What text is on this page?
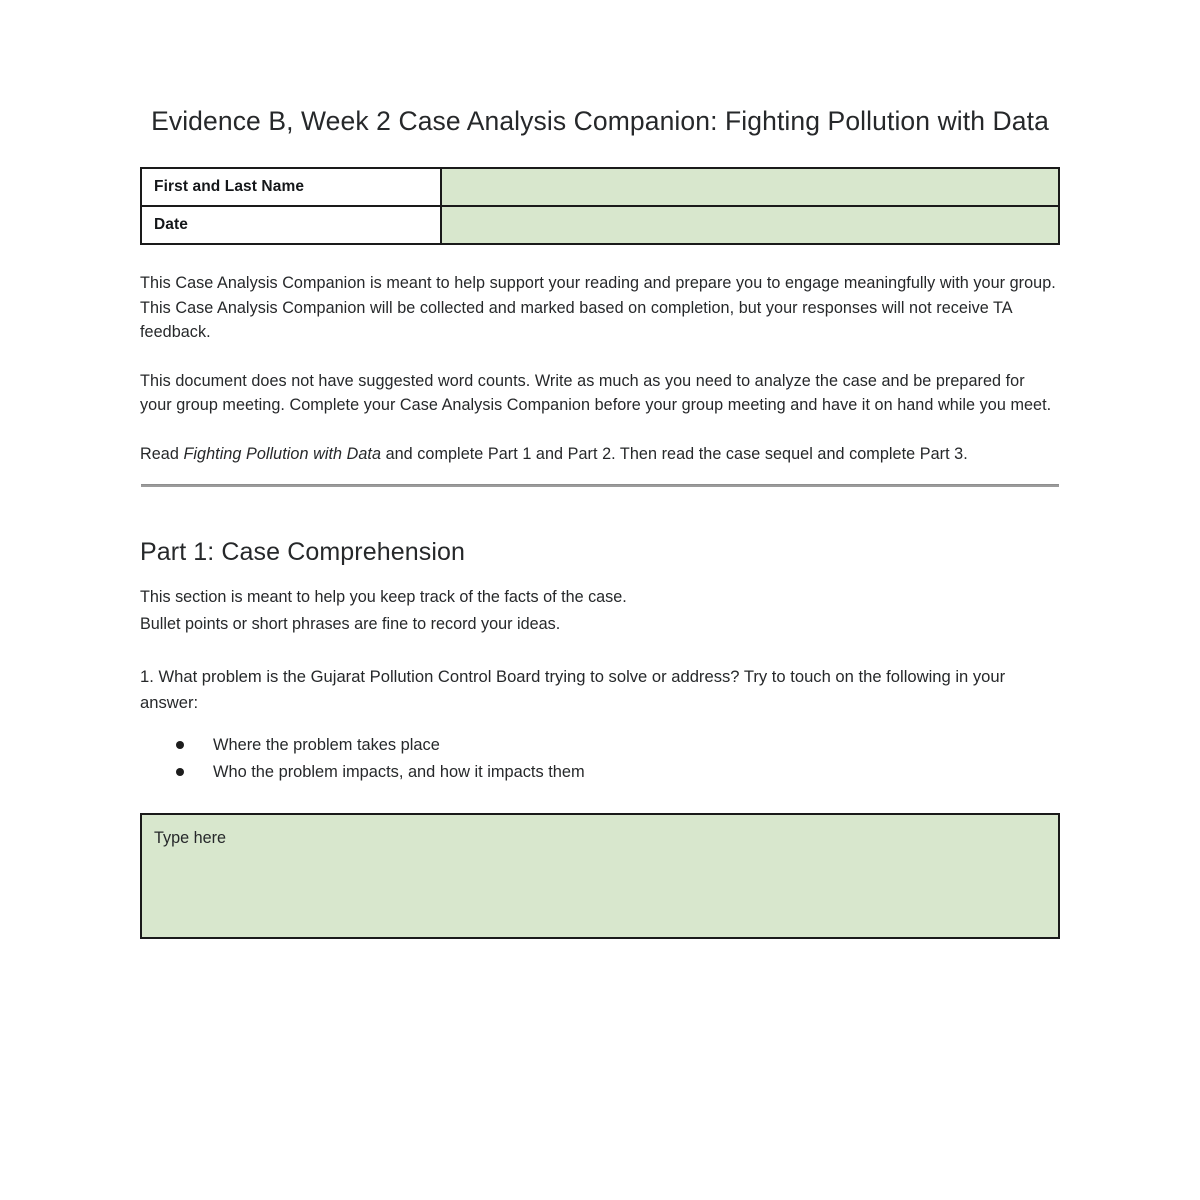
Evidence B, Week 2 Case Analysis Companion: Fighting Pollution with Data
First and Last Name	
Date	

This Case Analysis Companion is meant to help support your reading and prepare you to engage meaningfully with your group. This Case Analysis Companion will be collected and marked based on completion, but your responses will not receive TA feedback.

This document does not have suggested word counts. Write as much as you need to analyze the case and be prepared for your group meeting. Complete your Case Analysis Companion before your group meeting and have it on hand while you meet.

Read Fighting Pollution with Data and complete Part 1 and Part 2. Then read the case sequel and complete Part 3.

Part 1: Case Comprehension
This section is meant to help you keep track of the facts of the case.
Bullet points or short phrases are fine to record your ideas.

1. What problem is the Gujarat Pollution Control Board trying to solve or address? Try to touch on the following in your answer:

Where the problem takes place
Who the problem impacts, and how it impacts them
Type here
